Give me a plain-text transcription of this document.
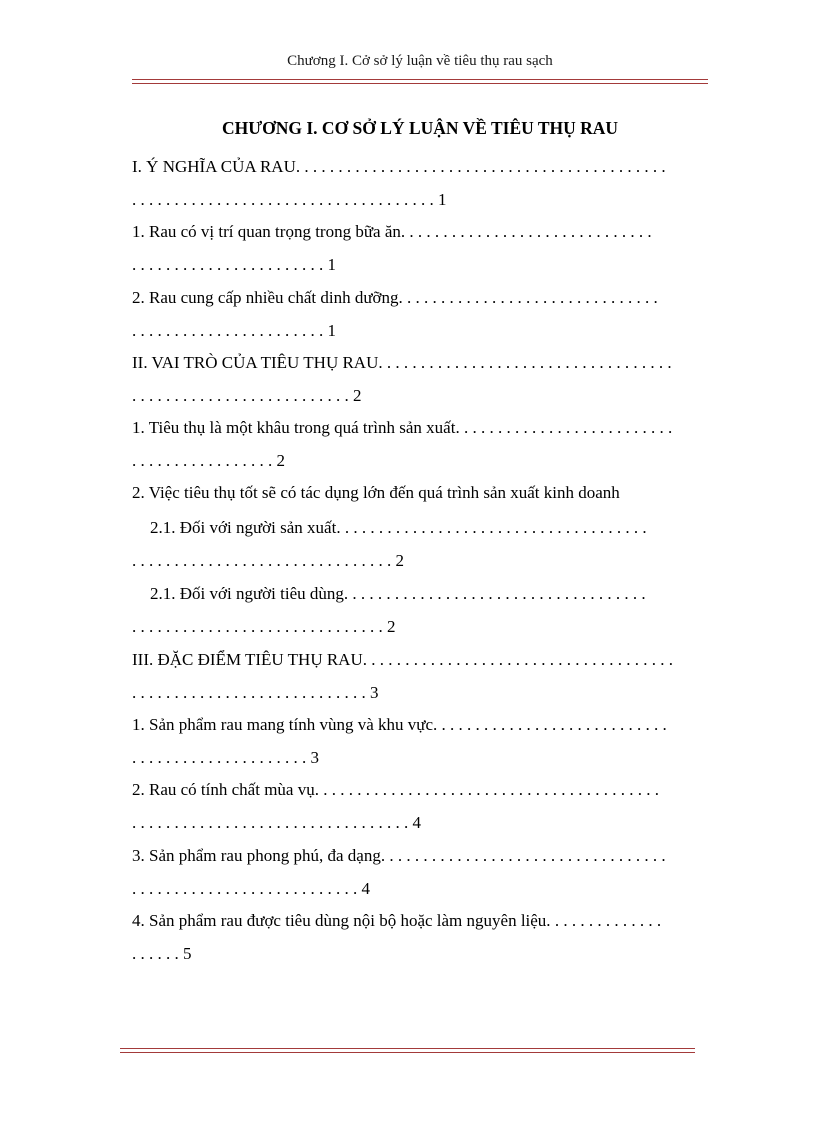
Chương I. Cở sở lý luận về tiêu thụ rau sạch
CHƯƠNG I. CƠ SỞ LÝ LUẬN VỀ TIÊU THỤ RAU
I. Ý NGHĨA CỦA RAU. . . . . . . . . . . . . . . . . . . . . . . . . . . . . . . . . . . . . . . . . . . .
. . . . . . . . . . . . . . . . . . . . . . . . . . . . . . . . . . . . 1
1. Rau có vị trí quan trọng trong bữa ăn. . . . . . . . . . . . . . . . . . . . . . . . . . . . . .
. . . . . . . . . . . . . . . . . . . . . . . 1
2. Rau cung cấp nhiều chất dinh dưỡng. . . . . . . . . . . . . . . . . . . . . . . . . . . . . . .
. . . . . . . . . . . . . . . . . . . . . . . 1
II. VAI TRÒ CỦA TIÊU THỤ RAU. . . . . . . . . . . . . . . . . . . . . . . . . . . . . . . . . . .
. . . . . . . . . . . . . . . . . . . . . . . . . . 2
1. Tiêu thụ là một khâu trong quá trình sản xuất. . . . . . . . . . . . . . . . . . . . . . . . . .
. . . . . . . . . . . . . . . . . 2
2. Việc tiêu thụ tốt sẽ có tác dụng lớn đến quá trình sản xuất kinh doanh
2.1. Đối với người sản xuất. . . . . . . . . . . . . . . . . . . . . . . . . . . . . . . . . . . . .
. . . . . . . . . . . . . . . . . . . . . . . . . . . . . . . 2
2.1. Đối với người tiêu dùng. . . . . . . . . . . . . . . . . . . . . . . . . . . . . . . . . . . .
. . . . . . . . . . . . . . . . . . . . . . . . . . . . . . 2
III. ĐẶC ĐIỂM TIÊU THỤ RAU. . . . . . . . . . . . . . . . . . . . . . . . . . . . . . . . . . . . .
. . . . . . . . . . . . . . . . . . . . . . . . . . . . 3
1. Sản phẩm rau mang tính vùng và khu vực. . . . . . . . . . . . . . . . . . . . . . . . . . . .
. . . . . . . . . . . . . . . . . . . . . 3
2. Rau có tính chất mùa vụ. . . . . . . . . . . . . . . . . . . . . . . . . . . . . . . . . . . . . . . . .
. . . . . . . . . . . . . . . . . . . . . . . . . . . . . . . . . 4
3. Sản phẩm rau phong phú, đa dạng. . . . . . . . . . . . . . . . . . . . . . . . . . . . . . . . . .
. . . . . . . . . . . . . . . . . . . . . . . . . . . 4
4. Sản phẩm rau được tiêu dùng nội bộ hoặc làm nguyên liệu. . . . . . . . . . . . . .
. . . . . . 5
